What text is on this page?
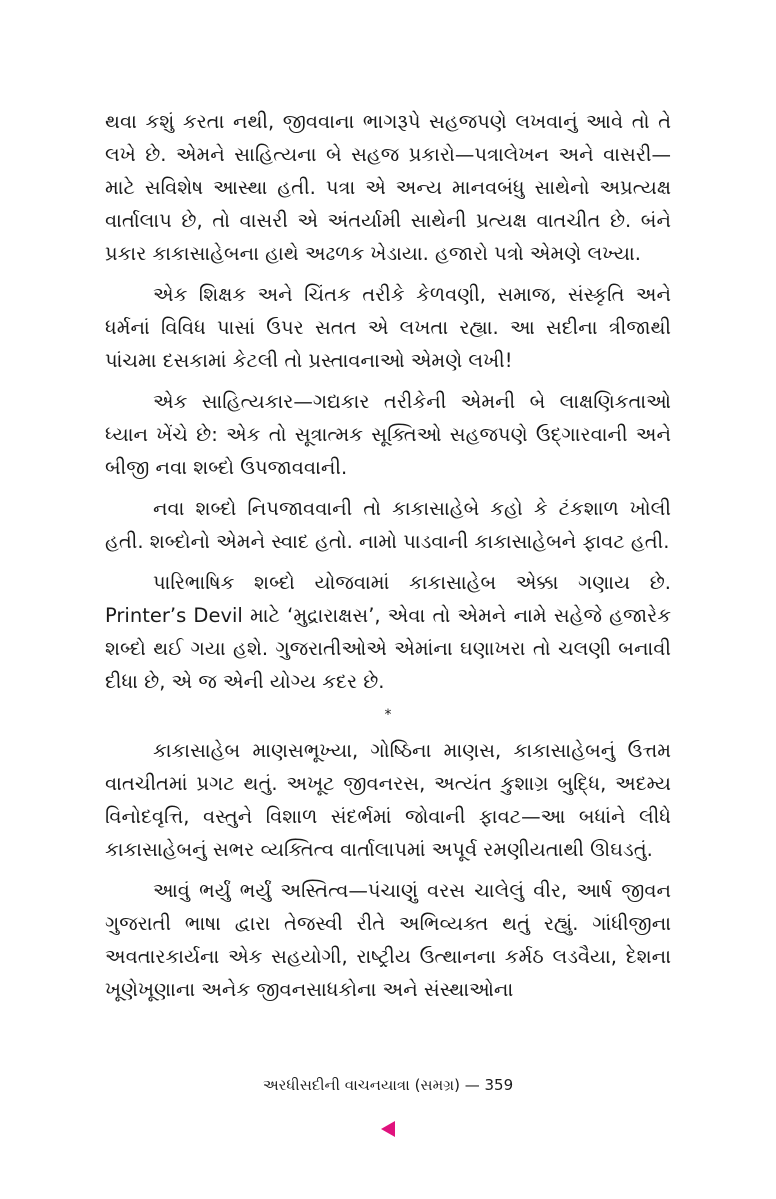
થવા કશું કરતા નથી, જીવવાના ભાગરૂપે સહજપણે લખવાનું આવે તો તે લખે છે. એમને સાહિત્યના બે સહજ પ્રકારો—પત્રાલેખન અને વાસરી—માટે સવિશેષ આસ્થા હતી. પત્રા એ અન્ય માનવબંધુ સાથેનો અપ્રત્યક્ષ વાર્તાલાપ છે, તો વાસરી એ અંતર્યામી સાથેની પ્રત્યક્ષ વાતચીત છે. બંને પ્રકાર કાકાસાહેબના હાથે અઢળક ખેડાયા. હજારો પત્રો એમણે લખ્યા.

એક શિક્ષક અને ચિંતક તરીકે કેળવણી, સમાજ, સંસ્કૃતિ અને ધર્મનાં વિવિધ પાસાં ઉપર સતત એ લખતા રહ્યા. આ સદીના ત્રીજાથી પાંચમા દસકામાં કેટલી તો પ્રસ્તાવનાઓ એમણે લખી!

એક સાહિત્યકાર—ગદ્યકાર તરીકેની એમની બે લાક્ષણિકતાઓ ધ્યાન ખેંચે છે: એક તો સૂત્રાત્મક સૂક્તિઓ સહજપણે ઉદ્ગારવાની અને બીજી નવા શબ્દો ઉપજાવવાની.

નવા શબ્દો નિપજાવવાની તો કાકાસાહેબે કહો કે ટંકશાળ ખોલી હતી. શબ્દોનો એમને સ્વાદ હતો. નામો પાડવાની કાકાસાહેબને ફાવટ હતી.

પારિભાષિક શબ્દો યોજવામાં કાકાસાહેબ એક્કા ગણાય છે. Printer’s Devil માટે ‘મુદ્રારાક્ષસ’, એવા તો એમને નામે સહેજે હજારેક શબ્દો થઈ ગયા હશે. ગુજરાતીઓએ એમાંના ઘણાખરા તો ચલણી બનાવી દીધા છે, એ જ એની યોગ્ય કદર છે.

*

કાકાસાહેબ માણસભૂખ્યા, ગોષ્ઠિના માણસ, કાકાસાહેબનું ઉત્તમ વાતચીતમાં પ્રગટ થતું. અખૂટ જીવનરસ, અત્યંત કુશાગ્ર બુદ્ધિ, અદમ્ય વિનોદવૃત્તિ, વસ્તુને વિશાળ સંદર્ભમાં જોવાની ફાવટ—આ બધાંને લીધે કાકાસાહેબનું સભર વ્યક્તિત્વ વાર્તાલાપમાં અપૂર્વ રમણીયતાથી ઊઘડતું.

આવું ભર્યું ભર્યું અસ્તિત્વ—પંચાણું વરસ ચાલેલું વીર, આર્ષ જીવન ગુજરાતી ભાષા દ્વારા તેજસ્વી રીતે અભિવ્યક્ત થતું રહ્યું. ગાંધીજીના અવતારકાર્યના એક સહયોગી, રાષ્ટ્રીય ઉત્થાનના કર્મઠ લડવૈયા, દેશના ખૂણેખૂણાના અનેક જીવનસાધકોના અને સંસ્થાઓના

અરધીસદીની વાચનયાત્રા (સમગ્ર) — 359
